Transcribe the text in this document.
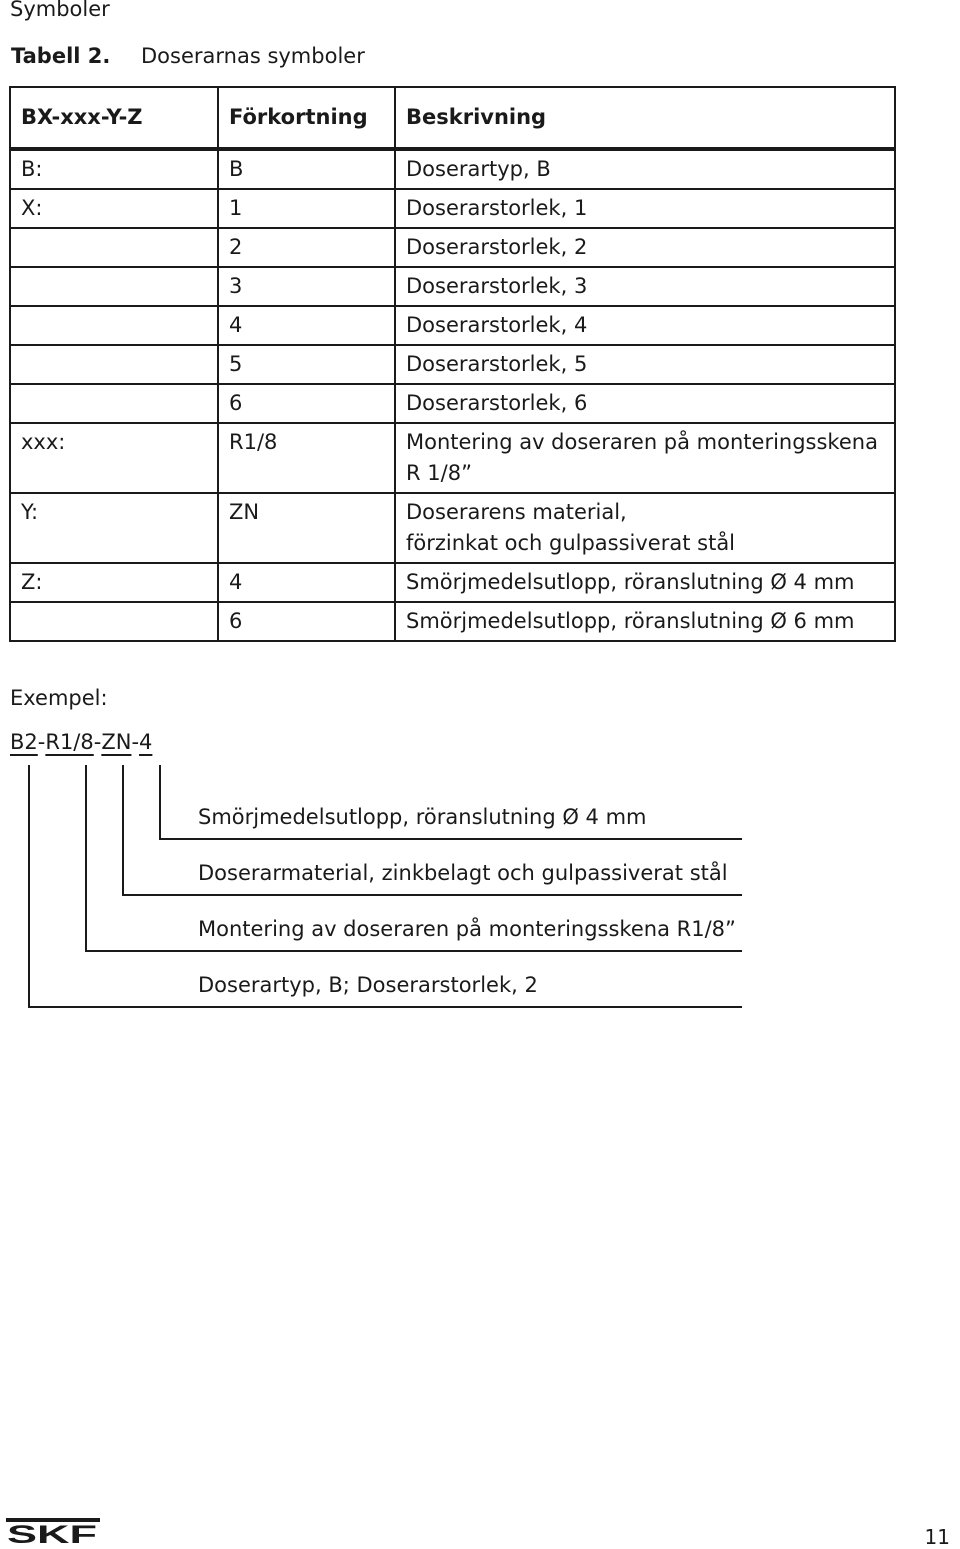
Symboler
Tabell 2. Doserarnas symboler
BX-xxx-Y-Z	Förkortning	Beskrivning

B:	B	Doserartyp, B

X:	1	Doserarstorlek, 1

	2	Doserarstorlek, 2

	3	Doserarstorlek, 3

	4	Doserarstorlek, 4

	5	Doserarstorlek, 5

	6	Doserarstorlek, 6

xxx:	R1/8	Montering av doseraren på monteringsskena
R 1/8”

Y:	ZN	Doserarens material,
förzinkat och gulpassiverat stål

Z:	4	Smörjmedelsutlopp, röranslutning Ø 4 mm

	6	Smörjmedelsutlopp, röranslutning Ø 6 mm
Exempel:
B2-R1/8-ZN-4
Smörjmedelsutlopp, röranslutning Ø 4 mm
Doserarmaterial, zinkbelagt och gulpassiverat stål
Montering av doseraren på monteringsskena R1/8”
Doserartyp, B; Doserarstorlek, 2
SKF	11
